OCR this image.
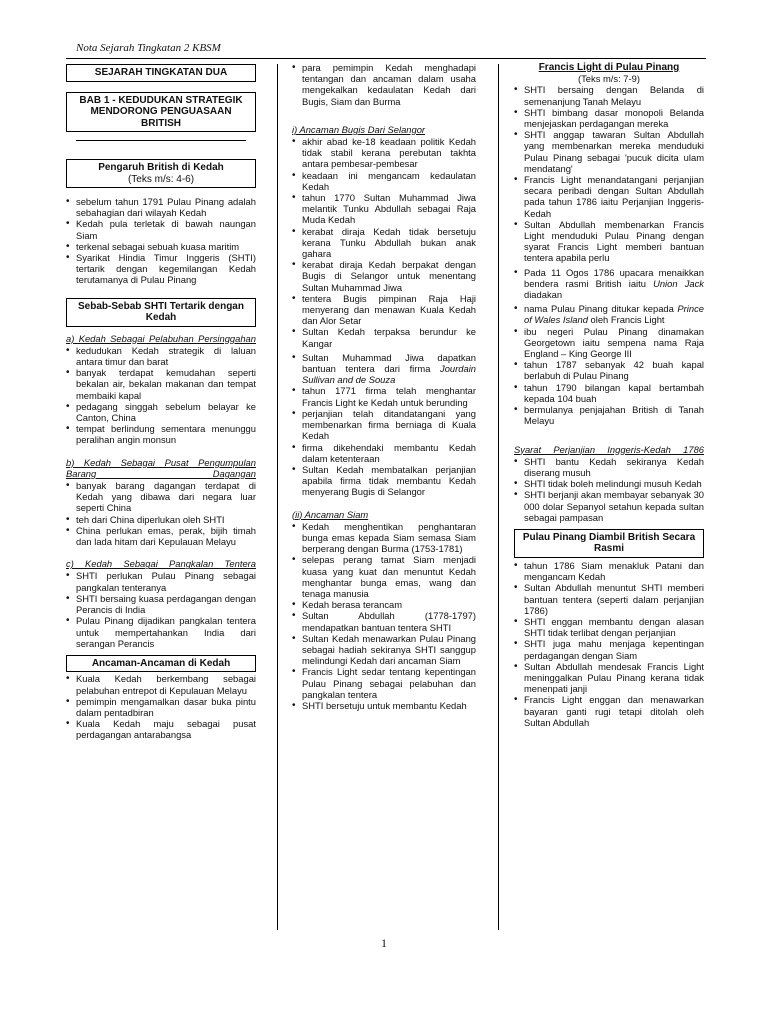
Nota Sejarah Tingkatan 2 KBSM
SEJARAH TINGKATAN DUA
BAB 1 - KEDUDUKAN STRATEGIK MENDORONG PENGUASAAN BRITISH
Pengaruh British di Kedah
(Teks m/s: 4-6)
• sebelum tahun 1791 Pulau Pinang adalah sebahagian dari wilayah Kedah
• Kedah pula terletak di bawah naungan Siam
• terkenal sebagai sebuah kuasa maritim
• Syarikat Hindia Timur Inggeris (SHTI) tertarik dengan kegemilangan Kedah terutamanya di Pulau Pinang
Sebab-Sebab SHTI Tertarik dengan Kedah
a) Kedah Sebagai Pelabuhan Persinggahan
• kedudukan Kedah strategik di laluan antara timur dan barat
• banyak terdapat kemudahan seperti bekalan air, bekalan makanan dan tempat membaiki kapal
• pedagang singgah sebelum belayar ke Canton, China
• tempat berlindung sementara menunggu peralihan angin monsun
b) Kedah Sebagai Pusat Pengumpulan Barang Dagangan
• banyak barang dagangan terdapat di Kedah yang dibawa dari negara luar seperti China
• teh dari China diperlukan oleh SHTI
• China perlukan emas, perak, bijih timah dan lada hitam dari Kepulauan Melayu
c) Kedah Sebagai Pangkalan Tentera
• SHTI perlukan Pulau Pinang sebagai pangkalan tenteranya
• SHTI bersaing kuasa perdagangan dengan Perancis di India
• Pulau Pinang dijadikan pangkalan tentera untuk mempertahankan India dari serangan Perancis
Ancaman-Ancaman di Kedah
• Kuala Kedah berkembang sebagai pelabuhan entrepot di Kepulauan Melayu
• pemimpin mengamalkan dasar buka pintu dalam pentadbiran
• Kuala Kedah maju sebagai pusat perdagangan antarabangsa
• para pemimpin Kedah menghadapi tentangan dan ancaman dalam usaha mengekalkan kedaulatan Kedah dari Bugis, Siam dan Burma
i) Ancaman Bugis Dari Selangor
• akhir abad ke-18 keadaan politik Kedah tidak stabil kerana perebutan takhta antara pembesar-pembesar
• keadaan ini mengancam kedaulatan Kedah
• tahun 1770 Sultan Muhammad Jiwa melantik Tunku Abdullah sebagai Raja Muda Kedah
• kerabat diraja Kedah tidak bersetuju kerana Tunku Abdullah bukan anak gahara
• kerabat diraja Kedah berpakat dengan Bugis di Selangor untuk menentang Sultan Muhammad Jiwa
• tentera Bugis pimpinan Raja Haji menyerang dan menawan Kuala Kedah dan Alor Setar
• Sultan Kedah terpaksa berundur ke Kangar
• Sultan Muhammad Jiwa dapatkan bantuan tentera dari firma Jourdain Sullivan and de Souza
• tahun 1771 firma telah menghantar Francis Light ke Kedah untuk berunding
• perjanjian telah ditandatangani yang membenarkan firma berniaga di Kuala Kedah
• firma dikehendaki membantu Kedah dalam ketenteraan
• Sultan Kedah membatalkan perjanjian apabila firma tidak membantu Kedah menyerang Bugis di Selangor
(ii) Ancaman Siam
• Kedah menghentikan penghantaran bunga emas kepada Siam semasa Siam berperang dengan Burma (1753-1781)
• selepas perang tamat Siam menjadi kuasa yang kuat dan menuntut Kedah menghantar bunga emas, wang dan tenaga manusia
• Kedah berasa terancam
• Sultan Abdullah (1778-1797) mendapatkan bantuan tentera SHTI
• Sultan Kedah menawarkan Pulau Pinang sebagai hadiah sekiranya SHTI sanggup melindungi Kedah dari ancaman Siam
• Francis Light sedar tentang kepentingan Pulau Pinang sebagai pelabuhan dan pangkalan tentera
• SHTI bersetuju untuk membantu Kedah
Francis Light di Pulau Pinang
(Teks m/s: 7-9)
• SHTI bersaing dengan Belanda di semenanjung Tanah Melayu
• SHTI bimbang dasar monopoli Belanda menjejaskan perdagangan mereka
• SHTI anggap tawaran Sultan Abdullah yang membenarkan mereka menduduki Pulau Pinang sebagai 'pucuk dicita ulam mendatang'
• Francis Light menandatangani perjanjian secara peribadi dengan Sultan Abdullah pada tahun 1786 iaitu Perjanjian Inggeris-Kedah
• Sultan Abdullah membenarkan Francis Light menduduki Pulau Pinang dengan syarat Francis Light memberi bantuan tentera apabila perlu
• Pada 11 Ogos 1786 upacara menaikkan bendera rasmi British iaitu Union Jack diadakan
• nama Pulau Pinang ditukar kepada Prince of Wales Island oleh Francis Light
• ibu negeri Pulau Pinang dinamakan Georgetown iaitu sempena nama Raja England – King George III
• tahun 1787 sebanyak 42 buah kapal berlabuh di Pulau Pinang
• tahun 1790 bilangan kapal bertambah kepada 104 buah
• bermulanya penjajahan British di Tanah Melayu
Syarat Perjanjian Inggeris-Kedah 1786
• SHTI bantu Kedah sekiranya Kedah diserang musuh
• SHTI tidak boleh melindungi musuh Kedah
• SHTI berjanji akan membayar sebanyak 30 000 dolar Sepanyol setahun kepada sultan sebagai pampasan
Pulau Pinang Diambil British Secara Rasmi
• tahun 1786 Siam menakluk Patani dan mengancam Kedah
• Sultan Abdullah menuntut SHTI memberi bantuan tentera (seperti dalam perjanjian 1786)
• SHTI enggan membantu dengan alasan SHTI tidak terlibat dengan perjanjian
• SHTI juga mahu menjaga kepentingan perdagangan dengan Siam
• Sultan Abdullah mendesak Francis Light meninggalkan Pulau Pinang kerana tidak menenpati janji
• Francis Light enggan dan menawarkan bayaran ganti rugi tetapi ditolah oleh Sultan Abdullah
1
